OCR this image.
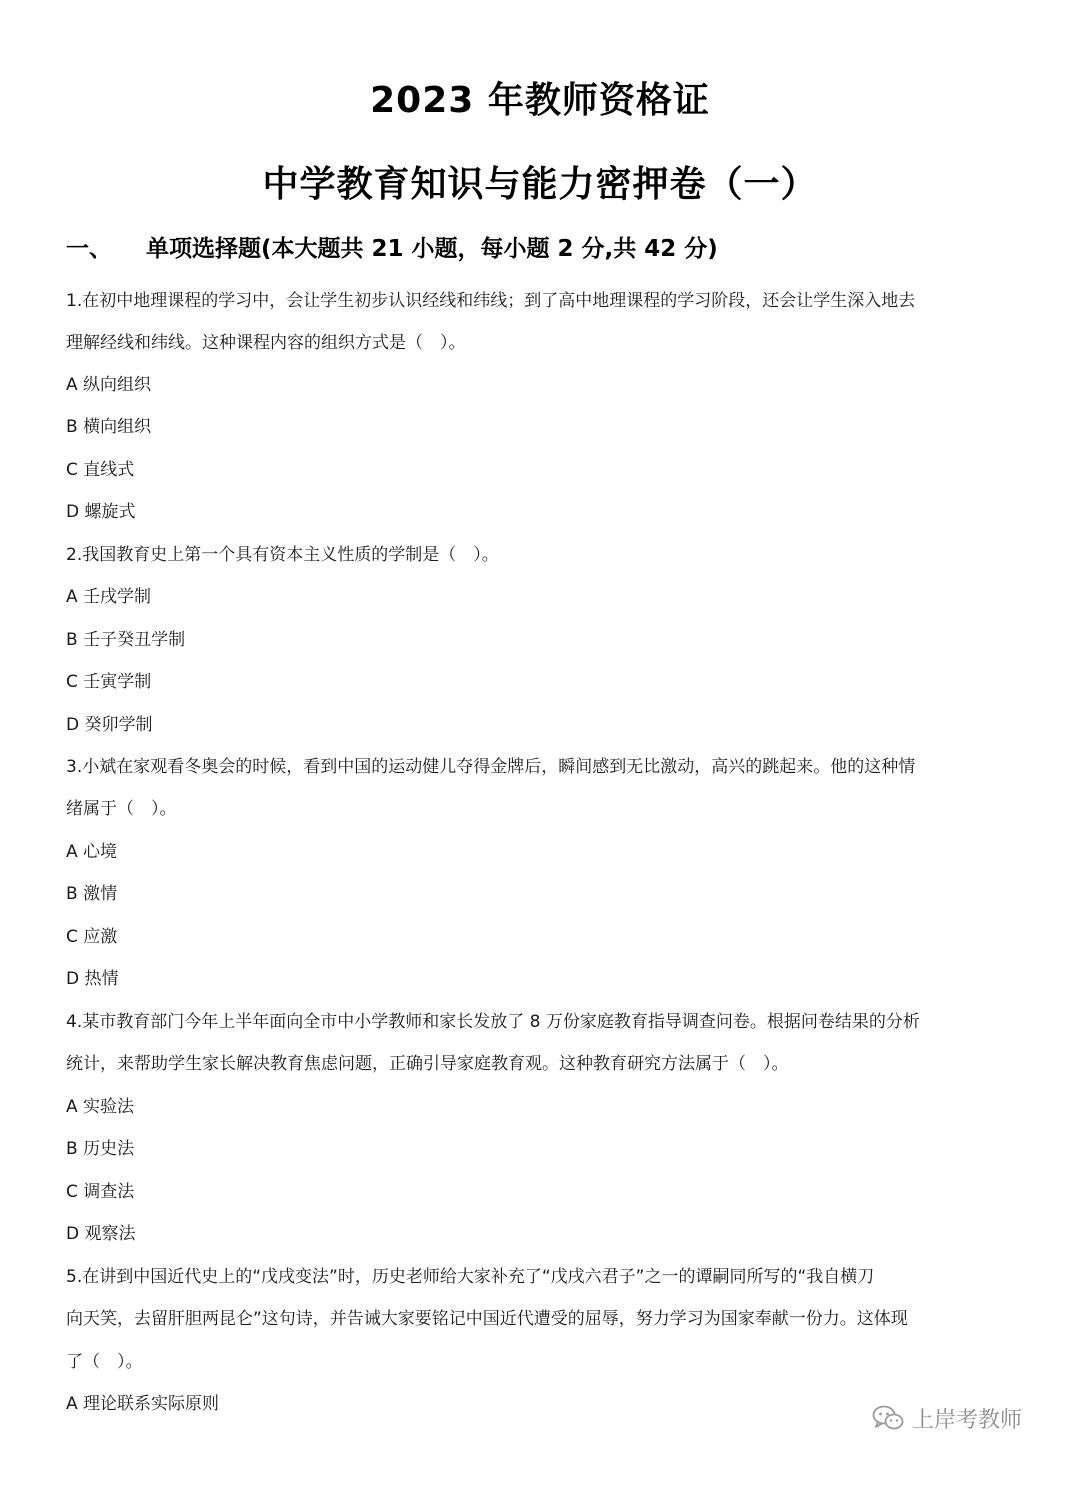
2023 年教师资格证
中学教育知识与能力密押卷（一）
一、 单项选择题(本大题共 21 小题，每小题 2 分,共 42 分)
1.在初中地理课程的学习中，会让学生初步认识经线和纬线；到了高中地理课程的学习阶段，还会让学生深入地去
理解经线和纬线。这种课程内容的组织方式是（　）。
A 纵向组织
B 横向组织
C 直线式
D 螺旋式
2.我国教育史上第一个具有资本主义性质的学制是（　）。
A 壬戌学制
B 壬子癸丑学制
C 壬寅学制
D 癸卯学制
3.小斌在家观看冬奥会的时候，看到中国的运动健儿夺得金牌后，瞬间感到无比激动，高兴的跳起来。他的这种情
绪属于（　）。
A 心境
B 激情
C 应激
D 热情
4.某市教育部门今年上半年面向全市中小学教师和家长发放了 8 万份家庭教育指导调查问卷。根据问卷结果的分析
统计，来帮助学生家长解决教育焦虑问题，正确引导家庭教育观。这种教育研究方法属于（　）。
A 实验法
B 历史法
C 调查法
D 观察法
5.在讲到中国近代史上的“戊戌变法”时，历史老师给大家补充了“戊戌六君子”之一的谭嗣同所写的“我自横刀
向天笑，去留肝胆两昆仑”这句诗，并告诫大家要铭记中国近代遭受的屈辱，努力学习为国家奉献一份力。这体现
了（　）。
A 理论联系实际原则
上岸考教师
